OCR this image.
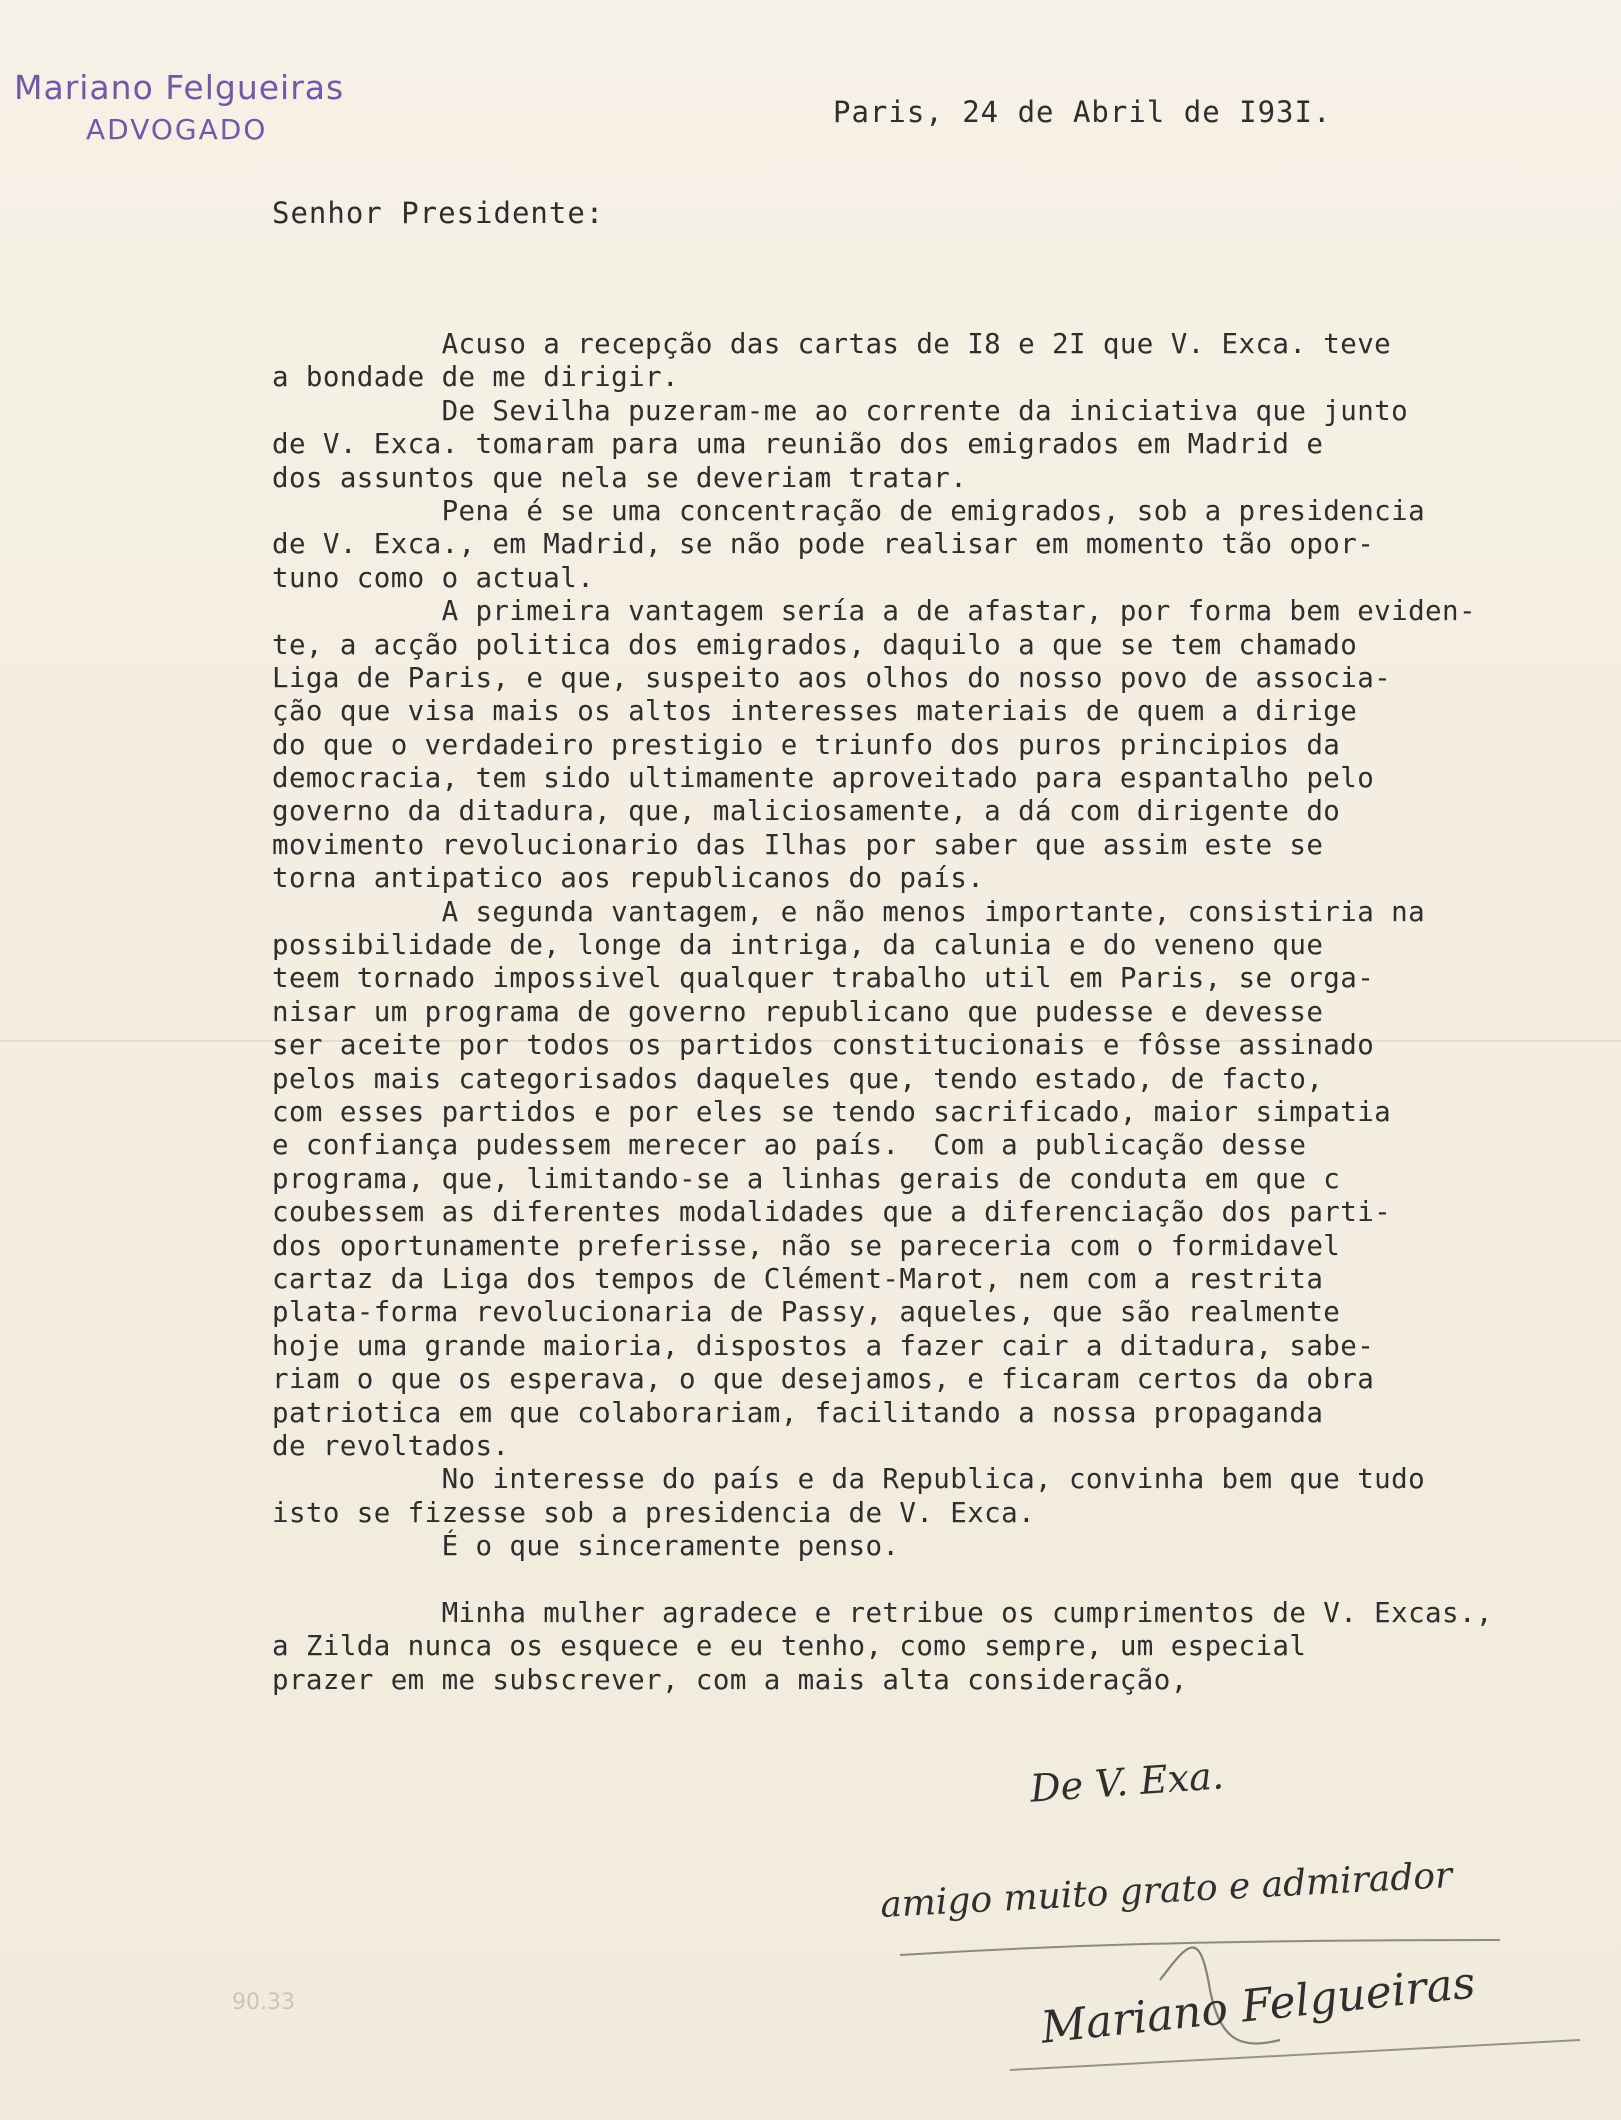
Mariano Felgueiras
ADVOGADO
Paris, 24 de Abril de I93I.
Senhor Presidente:
Acuso a recepção das cartas de I8 e 2I que V. Exca. teve
a bondade de me dirigir.
De Sevilha puzeram-me ao corrente da iniciativa que junto
de V. Exca. tomaram para uma reunião dos emigrados em Madrid e
dos assuntos que nela se deveriam tratar.
Pena é se uma concentração de emigrados, sob a presidencia
de V. Exca., em Madrid, se não pode realisar em momento tão opor-
tuno como o actual.
A primeira vantagem sería a de afastar, por forma bem eviden-
te, a acção politica dos emigrados, daquilo a que se tem chamado
Liga de Paris, e que, suspeito aos olhos do nosso povo de associa-
ção que visa mais os altos interesses materiais de quem a dirige
do que o verdadeiro prestigio e triunfo dos puros principios da
democracia, tem sido ultimamente aproveitado para espantalho pelo
governo da ditadura, que, maliciosamente, a dá com dirigente do
movimento revolucionario das Ilhas por saber que assim este se
torna antipatico aos republicanos do país.
A segunda vantagem, e não menos importante, consistiria na
possibilidade de, longe da intriga, da calunia e do veneno que
teem tornado impossivel qualquer trabalho util em Paris, se orga-
nisar um programa de governo republicano que pudesse e devesse
ser aceite por todos os partidos constitucionais e fôsse assinado
pelos mais categorisados daqueles que, tendo estado, de facto,
com esses partidos e por eles se tendo sacrificado, maior simpatia
e confiança pudessem merecer ao país.  Com a publicação desse
programa, que, limitando-se a linhas gerais de conduta em que c
coubessem as diferentes modalidades que a diferenciação dos parti-
dos oportunamente preferisse, não se pareceria com o formidavel
cartaz da Liga dos tempos de Clément-Marot, nem com a restrita
plata-forma revolucionaria de Passy, aqueles, que são realmente
hoje uma grande maioria, dispostos a fazer cair a ditadura, sabe-
riam o que os esperava, o que desejamos, e ficaram certos da obra
patriotica em que colaborariam, facilitando a nossa propaganda
de revoltados.
No interesse do país e da Republica, convinha bem que tudo
isto se fizesse sob a presidencia de V. Exca.
É o que sinceramente penso.
Minha mulher agradece e retribue os cumprimentos de V. Excas.,
a Zilda nunca os esquece e eu tenho, como sempre, um especial
prazer em me subscrever, com a mais alta consideração,
De V. Exa.
amigo muito grato e admirador
Mariano Felgueiras
90.33
